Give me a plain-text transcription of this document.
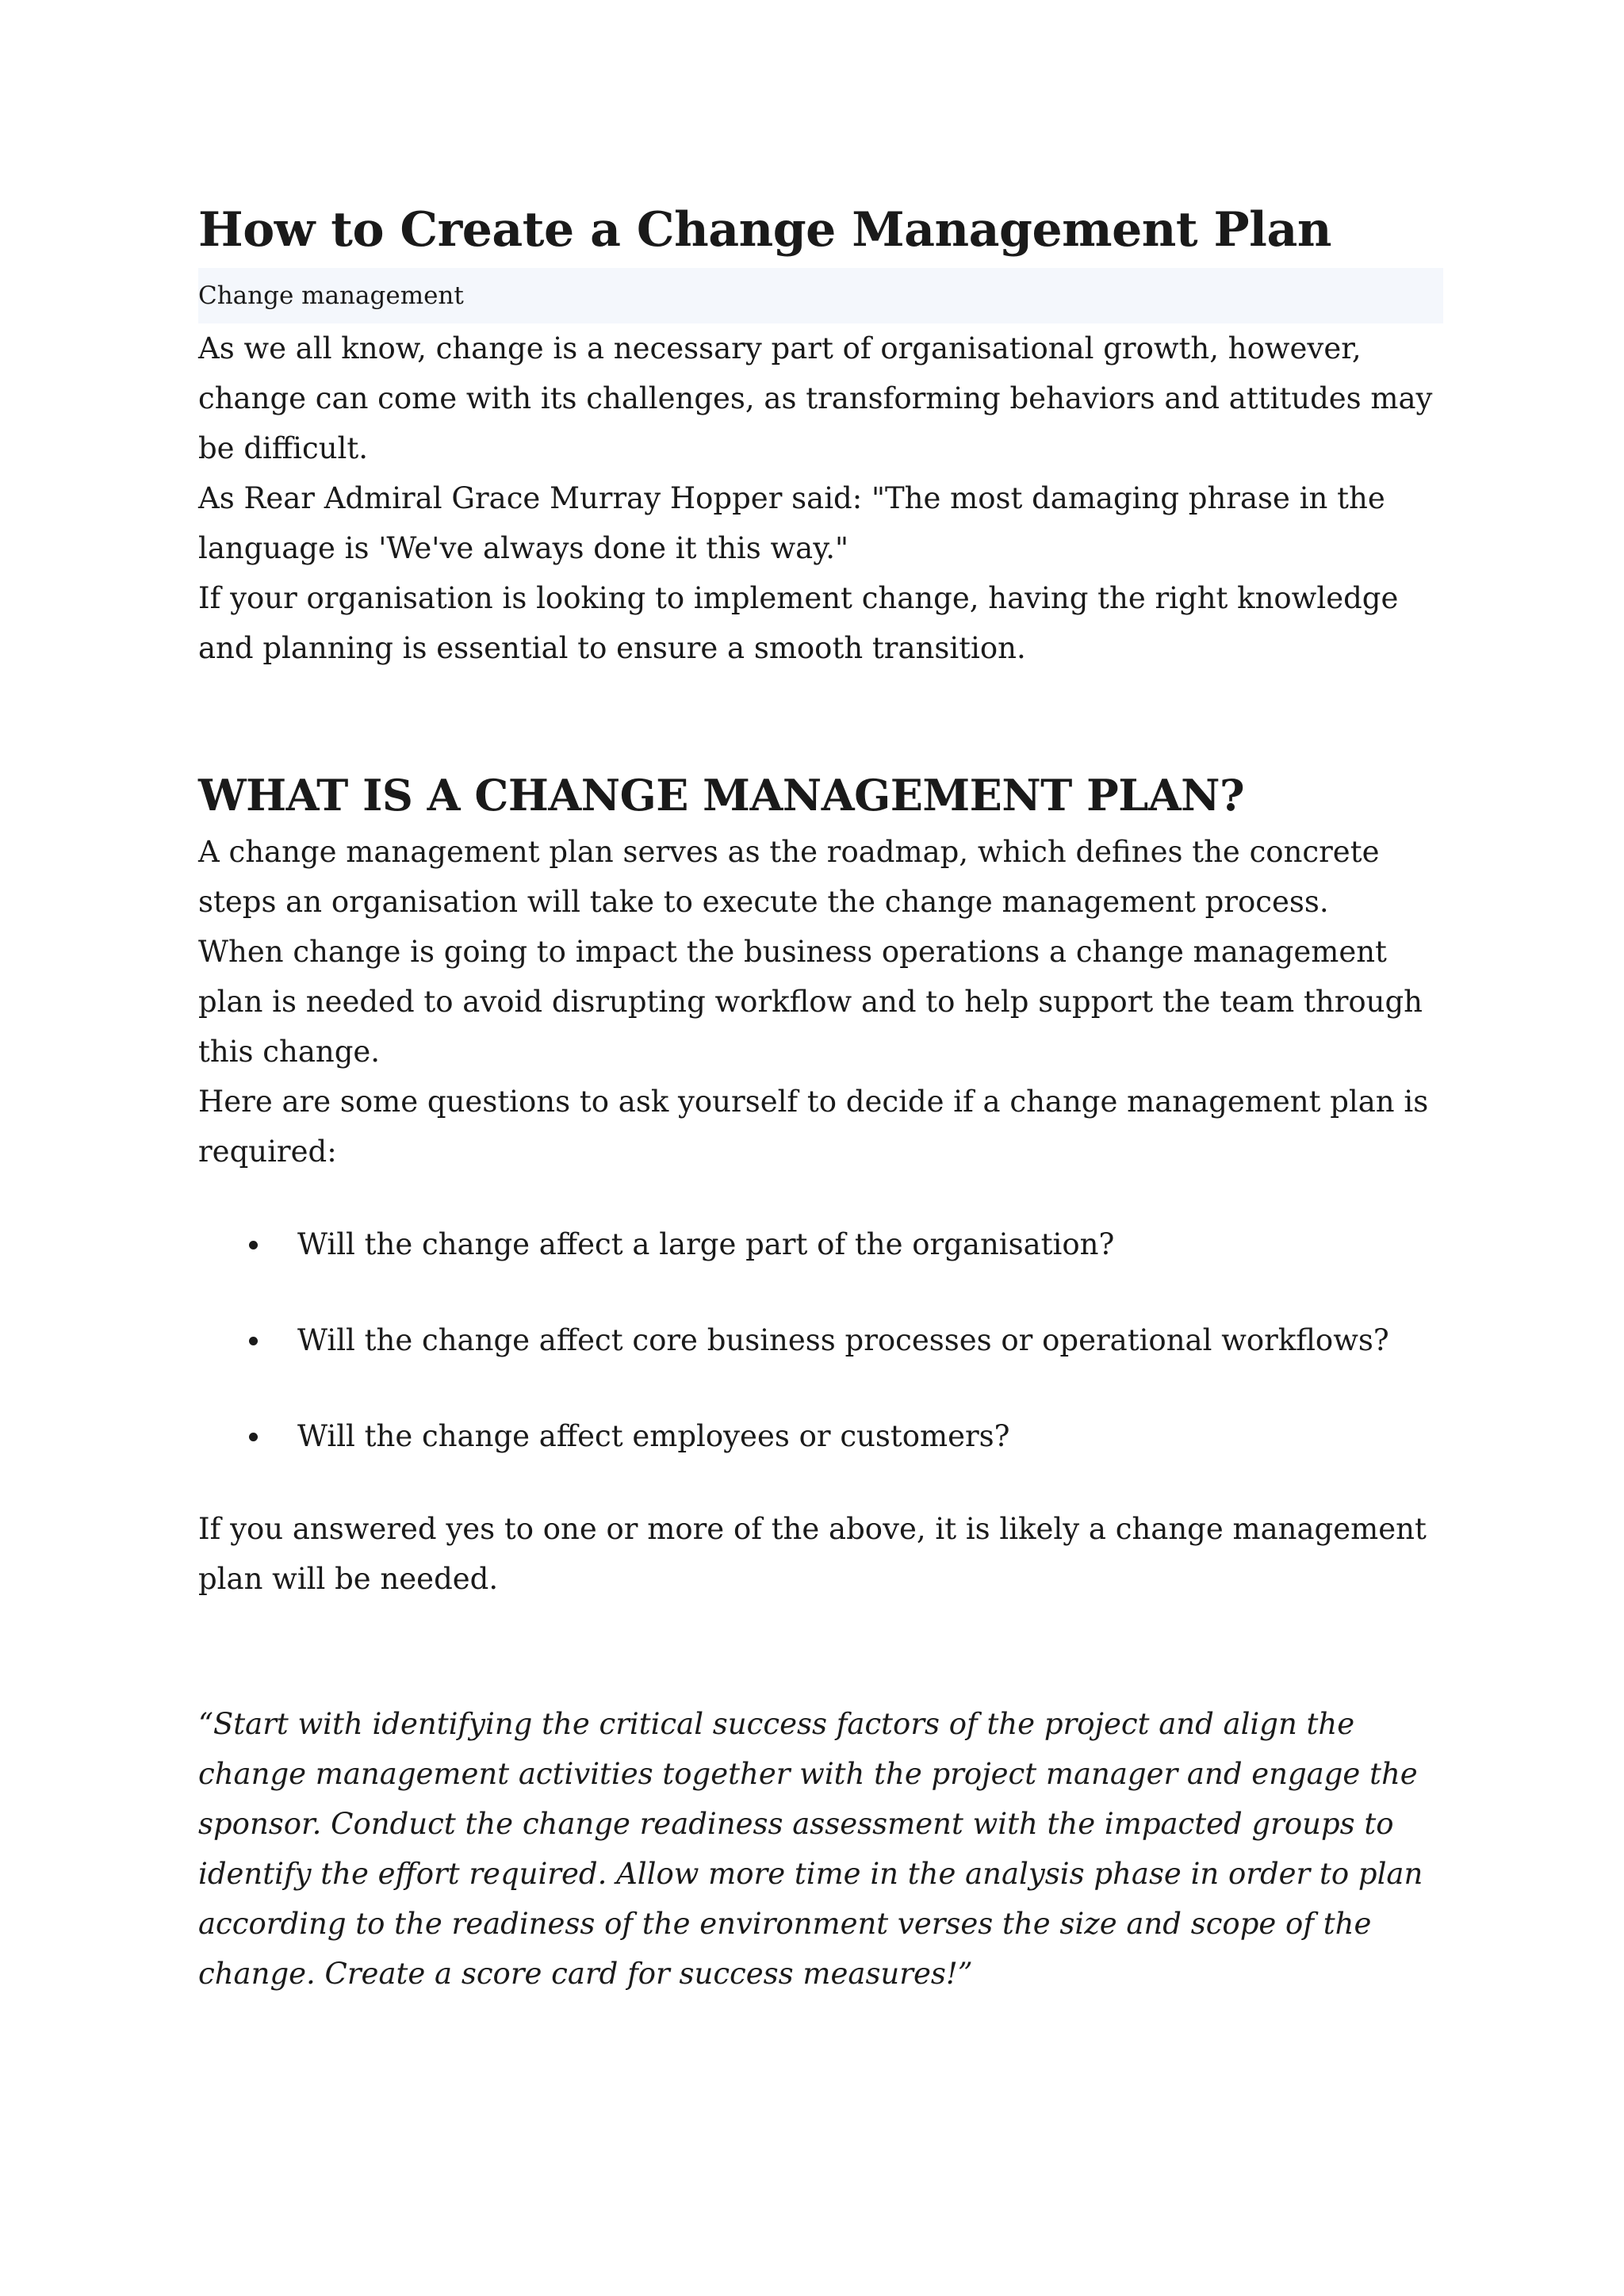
How to Create a Change Management Plan
Change management

As we all know, change is a necessary part of organisational growth, however, change can come with its challenges, as transforming behaviors and attitudes may be difficult.

As Rear Admiral Grace Murray Hopper said: "The most damaging phrase in the language is 'We've always done it this way."

If your organisation is looking to implement change, having the right knowledge and planning is essential to ensure a smooth transition.

WHAT IS A CHANGE MANAGEMENT PLAN?

A change management plan serves as the roadmap, which defines the concrete steps an organisation will take to execute the change management process.

When change is going to impact the business operations a change management plan is needed to avoid disrupting workflow and to help support the team through this change.

Here are some questions to ask yourself to decide if a change management plan is required:

Will the change affect a large part of the organisation?
Will the change affect core business processes or operational workflows?
Will the change affect employees or customers?

If you answered yes to one or more of the above, it is likely a change management plan will be needed.

“Start with identifying the critical success factors of the project and align the change management activities together with the project manager and engage the sponsor. Conduct the change readiness assessment with the impacted groups to identify the effort required. Allow more time in the analysis phase in order to plan according to the readiness of the environment verses the size and scope of the change. Create a score card for success measures!”
